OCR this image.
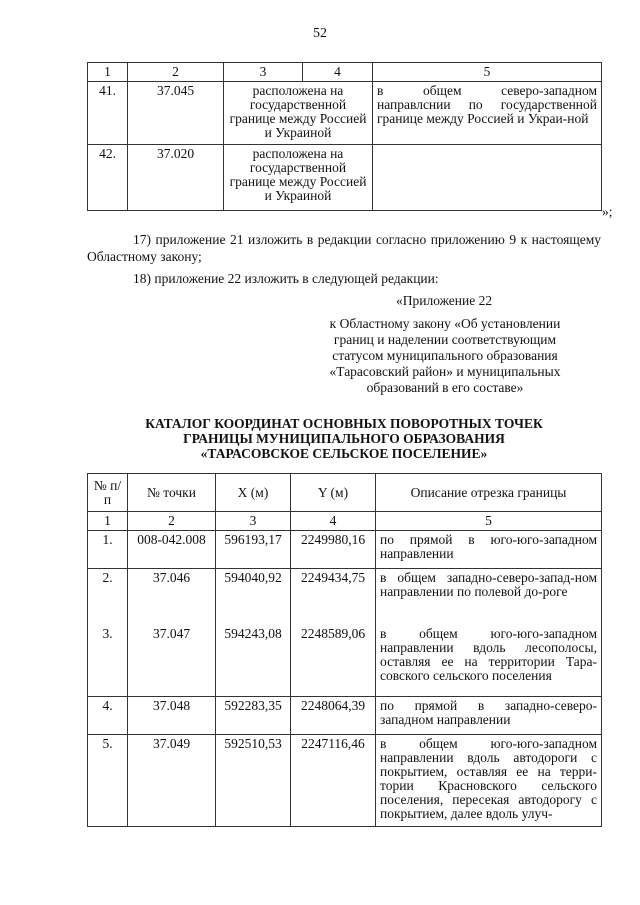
52
1	2	3	4	5
41.	37.045	расположена на государственной границе между Россией и Украиной		в общем северо-западном направлснии по государственной границе между Россией и Украи-ной
42.	37.020	расположена на государственной границе между Россией и Украиной		
»;
17) приложение 21 изложить в редакции согласно приложению 9 к настоящему Областному закону;
18) приложение 22 изложить в следующей редакции:
«Приложение 22
к Областному закону «Об установлении границ и наделении соответствующим статусом муниципального образования «Тарасовский район» и муниципальных образований в его составе»
КАТАЛОГ КООРДИНАТ ОСНОВНЫХ ПОВОРОТНЫХ ТОЧЕК
ГРАНИЦЫ МУНИЦИПАЛЬНОГО ОБРАЗОВАНИЯ
«ТАРАСОВСКОЕ СЕЛЬСКОЕ ПОСЕЛЕНИЕ»
№ п/п	№ точки	X (м)	Y (м)	Описание отрезка границы
1	2	3	4	5
1.	008-042.008	596193,17	2249980,16	по прямой в юго-юго-западном направлении
2.	37.046	594040,92	2249434,75	в общем западно-северо-запад-ном направлении по полевой до-роге
3.	37.047	594243,08	2248589,06	в общем юго-юго-западном направлении вдоль лесополосы, оставляя ее на территории Тара-совского сельского поселения
4.	37.048	592283,35	2248064,39	по прямой в западно-северо-западном направлении
5.	37.049	592510,53	2247116,46	в общем юго-юго-западном направлении вдоль автодороги с покрытием, оставляя ее на терри-тории Красновского сельского поселения, пересекая автодорогу с покрытием, далее вдоль улуч-
